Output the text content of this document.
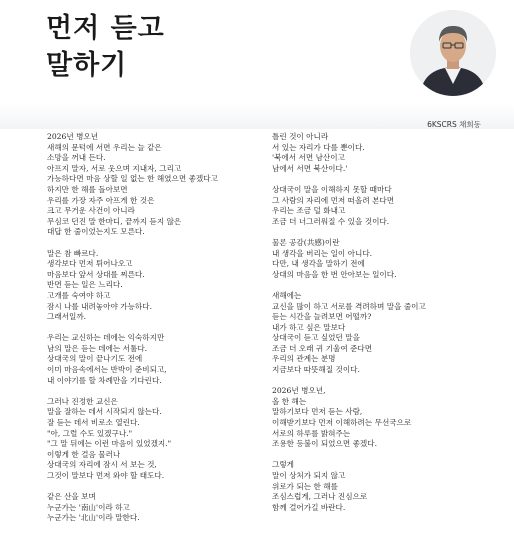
먼저 듣고
말하기
6KSCRS 채희동
2026년 병오년
새해의 문턱에 서면 우리는 늘 같은
소망을 꺼내 든다.
아프지 말자, 서로 웃으며 지내자, 그리고
가능하다면 마음 상할 일 없는 한 해였으면 좋겠다고
하지만 한 해를 돌아보면
우리를 가장 자주 아프게 한 것은
크고 무거운 사건이 아니라
무심코 던진 말 한마디, 끝까지 듣지 않은
대답 한 줄이었는지도 모른다.
말은 참 빠르다.
생각보다 먼저 튀어나오고
마음보다 앞서 상대를 찌른다.
반면 듣는 일은 느리다.
고개를 숙여야 하고
잠시 나를 내려놓아야 가능하다.
그래서일까.
우리는 교신하는 데에는 익숙하지만
남의 말은 듣는 데에는 서툴다.
상대국의 말이 끝나기도 전에
이미 마음속에서는 반박이 준비되고,
내 이야기를 할 차례만을 기다린다.
그러나 진정한 교신은
말을 잘하는 데서 시작되지 않는다.
잘 듣는 데서 비로소 열린다.
"아, 그럴 수도 있겠구나."
"그 말 뒤에는 이런 마음이 있었겠지."
이렇게 한 걸음 물러나
상대국의 자리에 잠시 서 보는 것,
그것이 말보다 먼저 와야 할 태도다.
같은 산을 보며
누군가는 '南山'이라 하고
누군가는 '北山'이라 말한다.
틀린 것이 아니라
서 있는 자리가 다를 뿐이다.
'북에서 서면 남산이고
남에서 서면 북산이다.'
상대국이 말을 이해하지 못할 때마다
그 사람의 자리에 먼저 떠올려 본다면
우리는 조금 덜 화내고
조금 더 너그러워질 수 있을 것이다.
물론 공감(共感)이란
내 생각을 버리는 일이 아니다.
다만, 내 생각을 말하기 전에
상대의 마음을 한 번 안아보는 일이다.
새해에는
교신을 많이 하고 서로를 격려하며 말을 줄이고
듣는 시간을 늘려보면 어떨까?
내가 하고 싶은 말보다
상대국이 듣고 싶었던 말을
조금 더 오래 귀 기울여 준다면
우리의 관계는 분명
지금보다 따뜻해질 것이다.
2026년 병오년,
올 한 해는
말하기보다 먼저 듣는 사람,
이해받기보다 먼저 이해하려는 무선국으로
서로의 하루를 밝혀주는
조용한 등불이 되었으면 좋겠다.
그렇게
말이 상처가 되지 않고
위로가 되는 한 해를
조심스럽게, 그러나 진심으로
함께 걸어가길 바란다.
